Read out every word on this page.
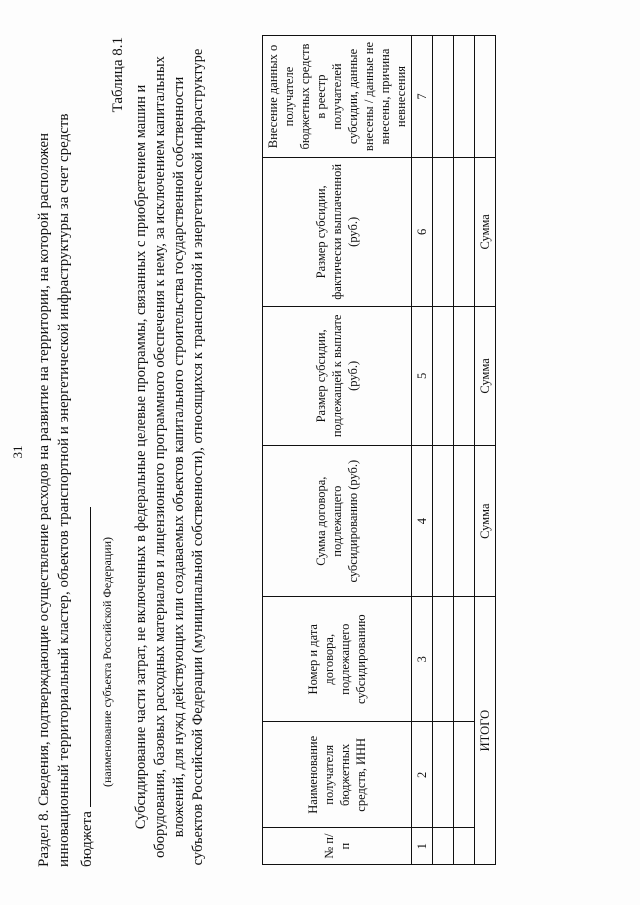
31 Раздел 8. Сведения, подтверждающие осуществление расходов на развитие на территории, на которой расположен инновационный территориальный кластер, объектов транспортной и энергетической инфраструктуры за счет средств бюджета
(наименование субъекта Российской Федерации)
Таблица 8.1
Субсидирование части затрат, не включенных в федеральные целевые программы, связанных с приобретением машин и оборудования, базовых расходных материалов и лицензионного программного обеспечения к нему, за исключением капитальных вложений, для нужд действующих или создаваемых объектов капитального строительства государственной собственности субъектов Российской Федерации (муниципальной собственности), относящихся к транспортной и энергетической инфраструктуре	№ п/п	Наименование получателя бюджетных средств, ИНН	Номер и дата договора, подлежащего субсидированию	Сумма договора, подлежащего субсидированию (руб.)	Размер субсидии, подлежащей к выплате (руб.)	Размер субсидии, фактически выплаченной (руб.)	Внесение данных о получателе бюджетных средств в реестр получателей субсидии, данные внесены / данные не внесены, причина невнесения
1	2	3	4	5	6	7

ИТОГО			Сумма	Сумма	Сумма	
